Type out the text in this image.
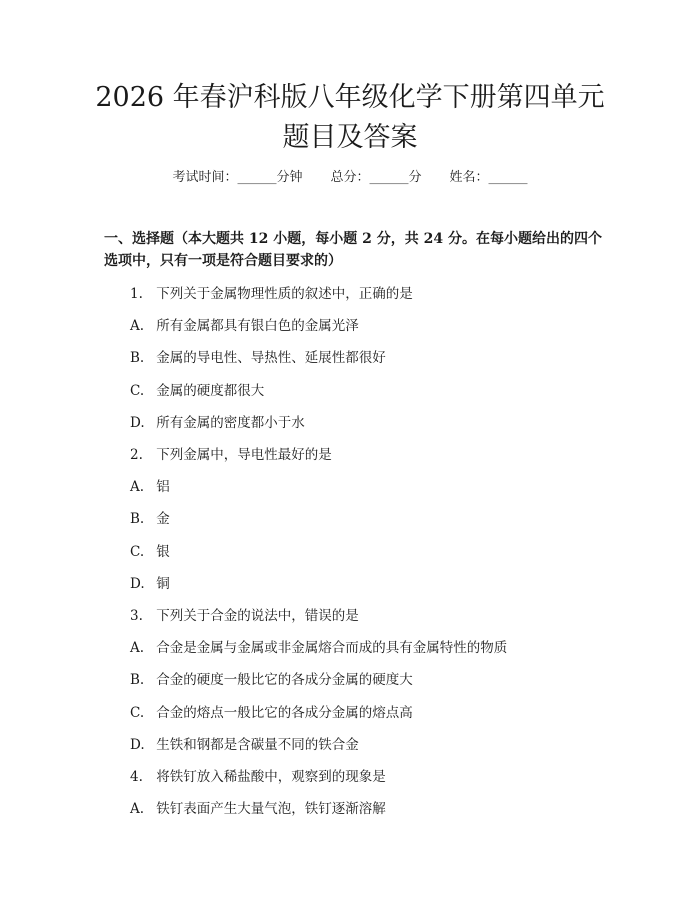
2026 年春沪科版八年级化学下册第四单元题目及答案
考试时间：______分钟 总分：______分 姓名：______

一、选择题（本大题共 12 小题，每小题 2 分，共 24 分。在每小题给出的四个选项中，只有一项是符合题目要求的）

1. 下列关于金属物理性质的叙述中，正确的是
A. 所有金属都具有银白色的金属光泽
B. 金属的导电性、导热性、延展性都很好
C. 金属的硬度都很大
D. 所有金属的密度都小于水
2. 下列金属中，导电性最好的是
A. 铝
B. 金
C. 银
D. 铜
3. 下列关于合金的说法中，错误的是
A. 合金是金属与金属或非金属熔合而成的具有金属特性的物质
B. 合金的硬度一般比它的各成分金属的硬度大
C. 合金的熔点一般比它的各成分金属的熔点高
D. 生铁和钢都是含碳量不同的铁合金
4. 将铁钉放入稀盐酸中，观察到的现象是
A. 铁钉表面产生大量气泡，铁钉逐渐溶解
